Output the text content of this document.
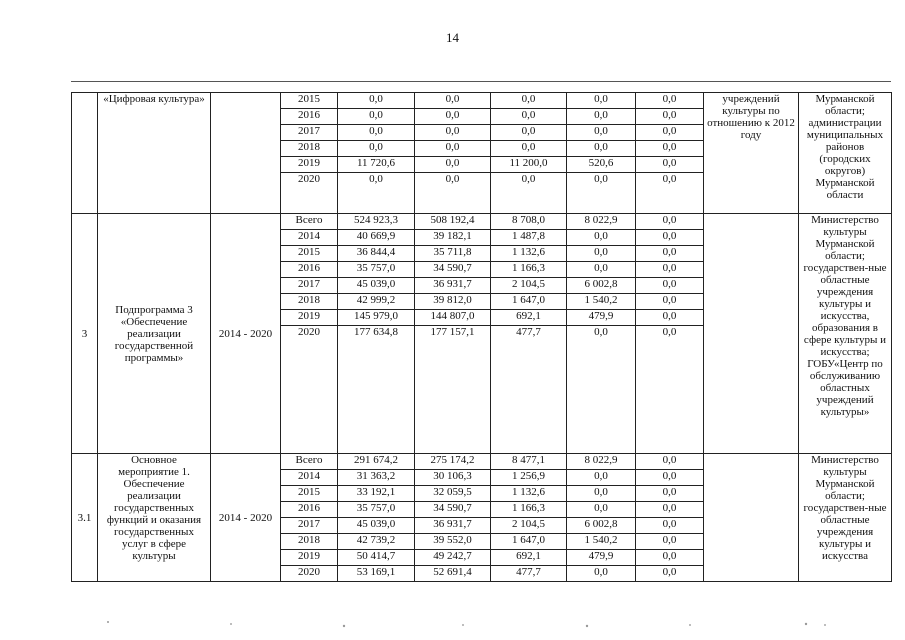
14
	«Цифровая культура»		2015	0,0	0,0	0,0	0,0	0,0	учреждений культуры по отношению к 2012 году	Мурманской области; администрации муниципальных районов (городских округов) Мурманской области
			2016	0,0	0,0	0,0	0,0	0,0		
			2017	0,0	0,0	0,0	0,0	0,0		
			2018	0,0	0,0	0,0	0,0	0,0		
			2019	11 720,6	0,0	11 200,0	520,6	0,0		
			2020	0,0	0,0	0,0	0,0	0,0		
3	Подпрограмма 3 «Обеспечение реализации государственной программы»	2014 - 2020	Всего	524 923,3	508 192,4	8 708,0	8 022,9	0,0		Министерство культуры Мурманской области; государствен-ные областные учреждения культуры и искусства, образования в сфере культуры и искусства; ГОБУ«Центр по обслуживанию областных учреждений культуры»
			2014	40 669,9	39 182,1	1 487,8	0,0	0,0		
			2015	36 844,4	35 711,8	1 132,6	0,0	0,0		
			2016	35 757,0	34 590,7	1 166,3	0,0	0,0		
			2017	45 039,0	36 931,7	2 104,5	6 002,8	0,0		
			2018	42 999,2	39 812,0	1 647,0	1 540,2	0,0		
			2019	145 979,0	144 807,0	692,1	479,9	0,0		
			2020	177 634,8	177 157,1	477,7	0,0	0,0		
3.1	Основное мероприятие 1. Обеспечение реализации государственных функций и оказания государственных услуг в сфере культуры	2014 - 2020	Всего	291 674,2	275 174,2	8 477,1	8 022,9	0,0		Министерство культуры Мурманской области; государствен-ные областные учреждения культуры и искусства
			2014	31 363,2	30 106,3	1 256,9	0,0	0,0		
			2015	33 192,1	32 059,5	1 132,6	0,0	0,0		
			2016	35 757,0	34 590,7	1 166,3	0,0	0,0		
			2017	45 039,0	36 931,7	2 104,5	6 002,8	0,0		
			2018	42 739,2	39 552,0	1 647,0	1 540,2	0,0		
			2019	50 414,7	49 242,7	692,1	479,9	0,0		
			2020	53 169,1	52 691,4	477,7	0,0	0,0		
